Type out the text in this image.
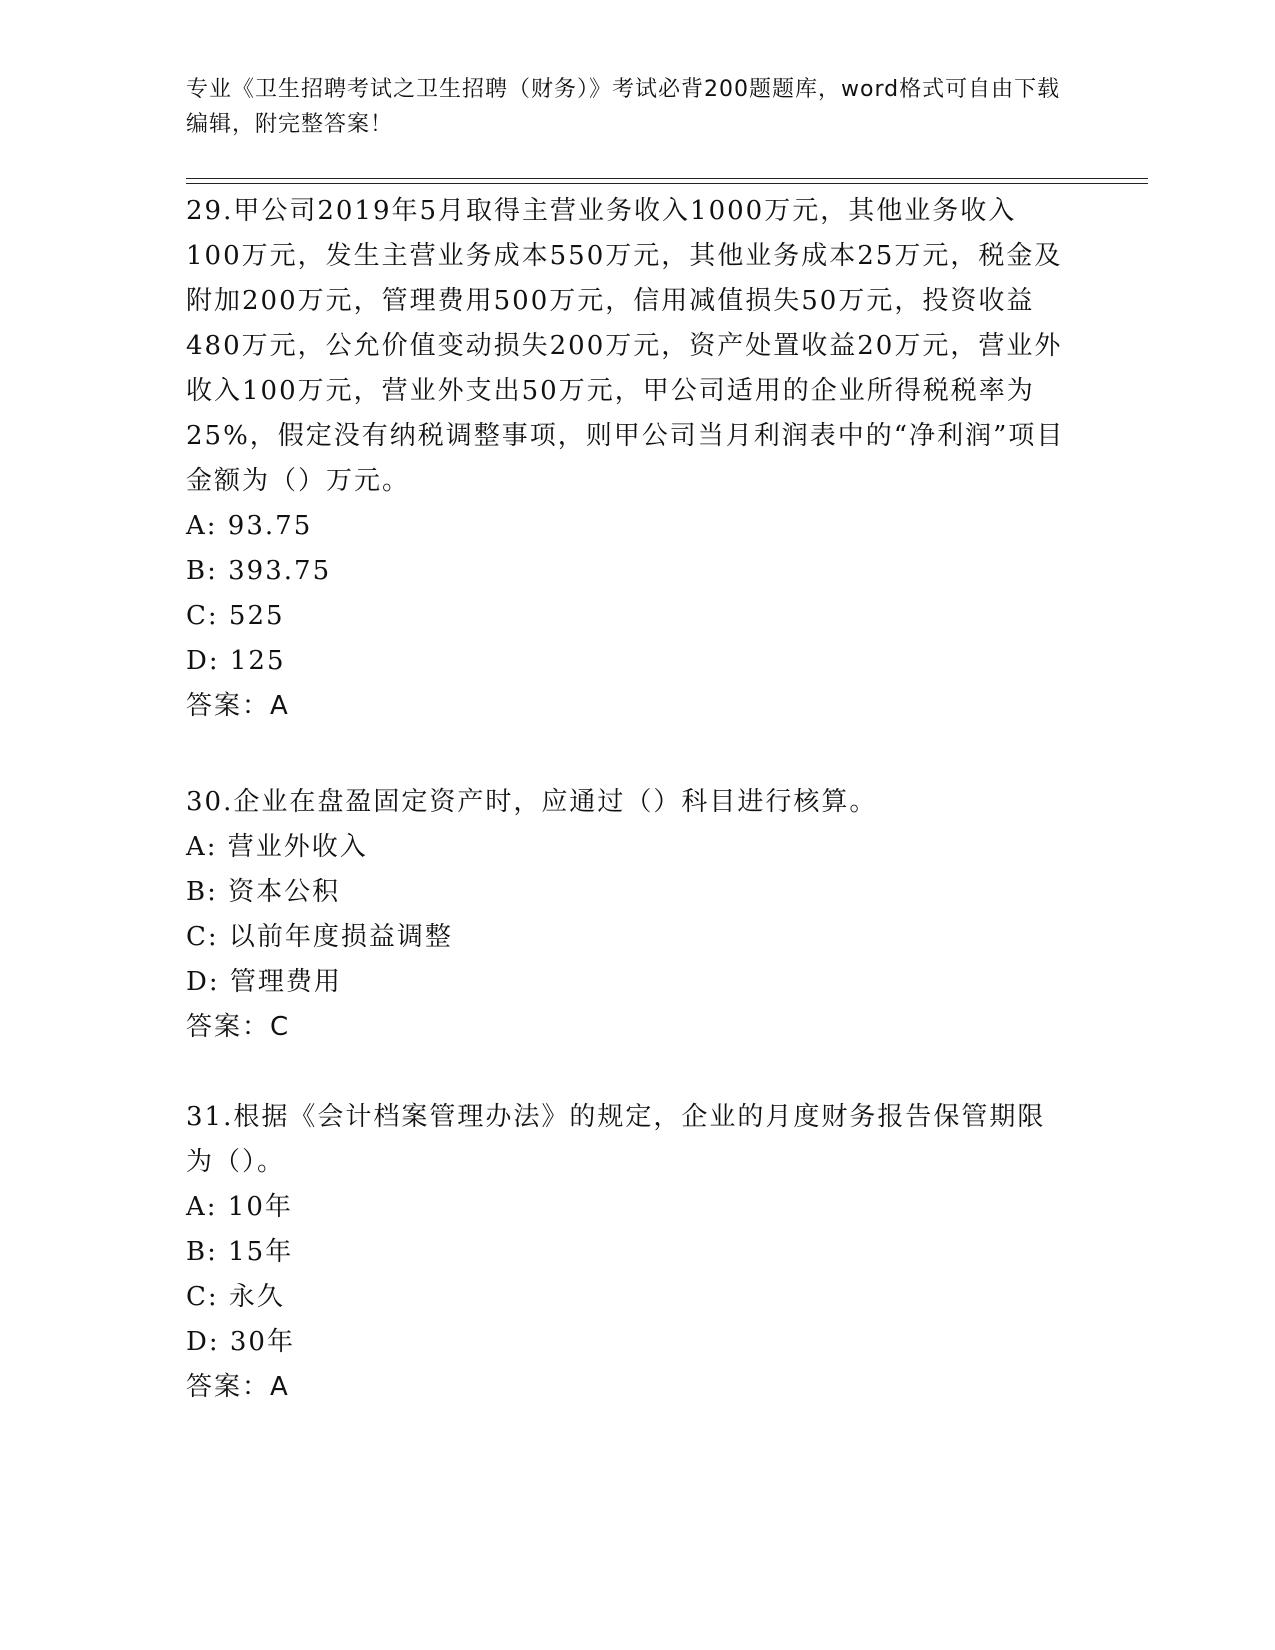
专业《卫生招聘考试之卫生招聘（财务）》考试必背200题题库，word格式可自由下载编辑，附完整答案！

29.甲公司2019年5月取得主营业务收入1000万元，其他业务收入100万元，发生主营业务成本550万元，其他业务成本25万元，税金及附加200万元，管理费用500万元，信用减值损失50万元，投资收益480万元，公允价值变动损失200万元，资产处置收益20万元，营业外收入100万元，营业外支出50万元，甲公司适用的企业所得税税率为25%，假定没有纳税调整事项，则甲公司当月利润表中的“净利润”项目金额为（）万元。

A: 93.75

B: 393.75

C: 525

D: 125

答案：A

30.企业在盘盈固定资产时，应通过（）科目进行核算。

A: 营业外收入

B: 资本公积

C: 以前年度损益调整

D: 管理费用

答案：C

31.根据《会计档案管理办法》的规定，企业的月度财务报告保管期限为（）。

A: 10年

B: 15年

C: 永久

D: 30年

答案：A
